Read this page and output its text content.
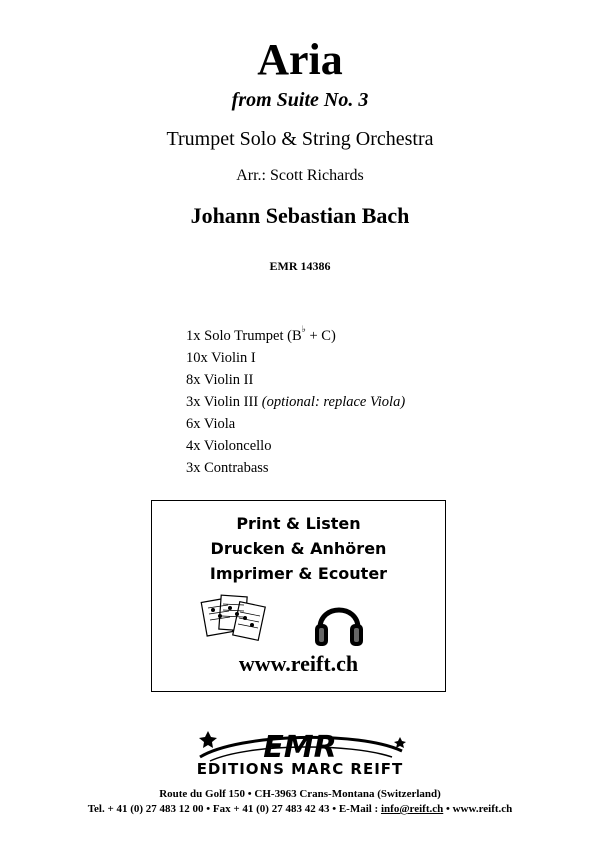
Aria
from Suite No. 3
Trumpet Solo & String Orchestra
Arr.: Scott Richards
Johann Sebastian Bach
EMR 14386
1x Solo Trumpet (B♭ + C)
10x Violin I
8x Violin II
3x Violin III (optional: replace Viola)
6x Viola
4x Violoncello
3x Contrabass
Print & Listen
Drucken & Anhören
Imprimer & Ecouter
www.reift.ch
EMR
EDITIONS MARC REIFT
Route du Golf 150 • CH-3963 Crans-Montana (Switzerland)
Tel. + 41 (0) 27 483 12 00 • Fax + 41 (0) 27 483 42 43 • E-Mail : info@reift.ch • www.reift.ch
